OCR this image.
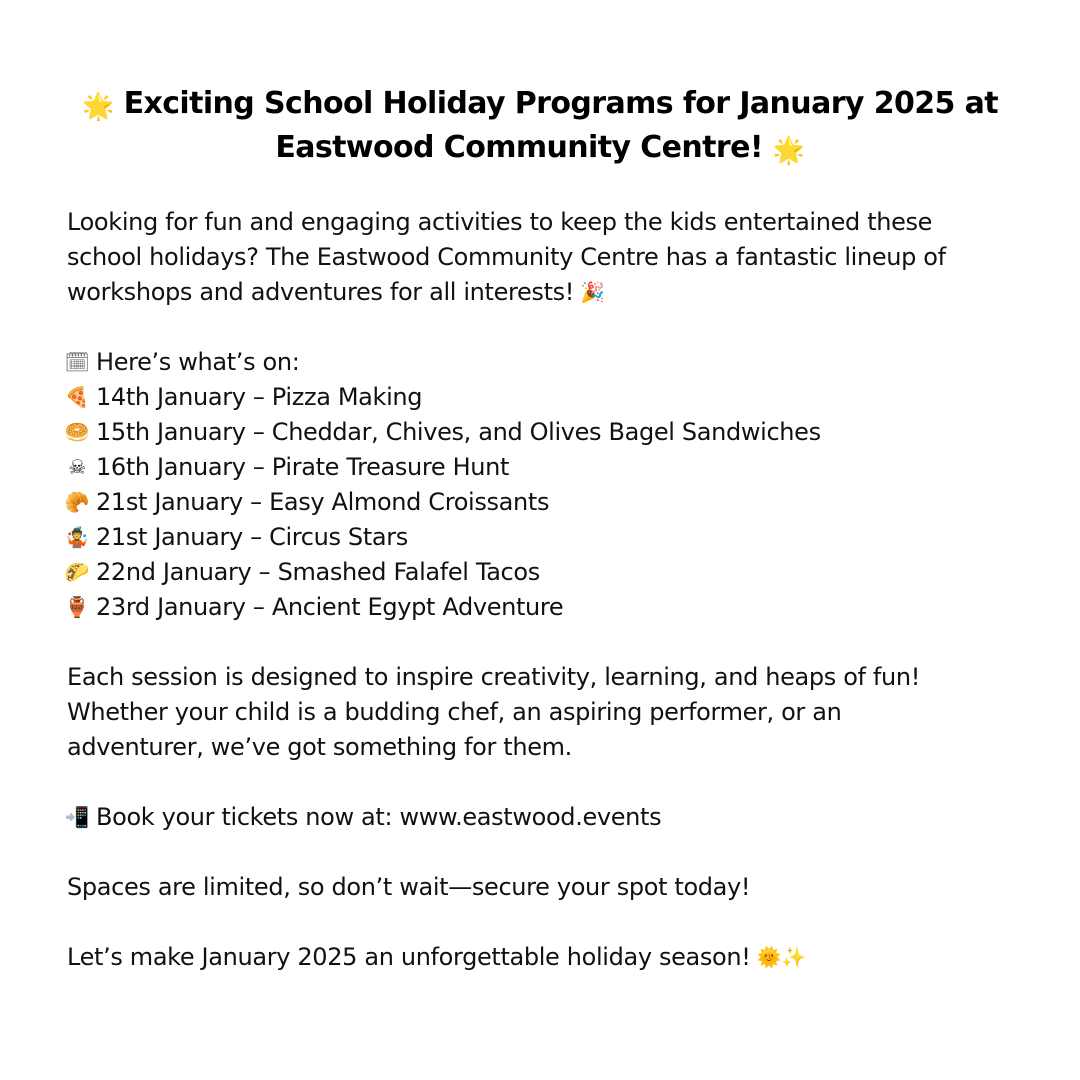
🌟 Exciting School Holiday Programs for January 2025 at Eastwood Community Centre! 🌟
Looking for fun and engaging activities to keep the kids entertained these
school holidays? The Eastwood Community Centre has a fantastic lineup of
workshops and adventures for all interests! 🎉
🗓 Here’s what’s on:
🍕 14th January – Pizza Making
🥯 15th January – Cheddar, Chives, and Olives Bagel Sandwiches
☠ 16th January – Pirate Treasure Hunt
🥐 21st January – Easy Almond Croissants
🤹 21st January – Circus Stars
🌮 22nd January – Smashed Falafel Tacos
🏺 23rd January – Ancient Egypt Adventure
Each session is designed to inspire creativity, learning, and heaps of fun!
Whether your child is a budding chef, an aspiring performer, or an
adventurer, we’ve got something for them.
📲 Book your tickets now at: www.eastwood.events
Spaces are limited, so don’t wait—secure your spot today!
Let’s make January 2025 an unforgettable holiday season! 🌞✨
